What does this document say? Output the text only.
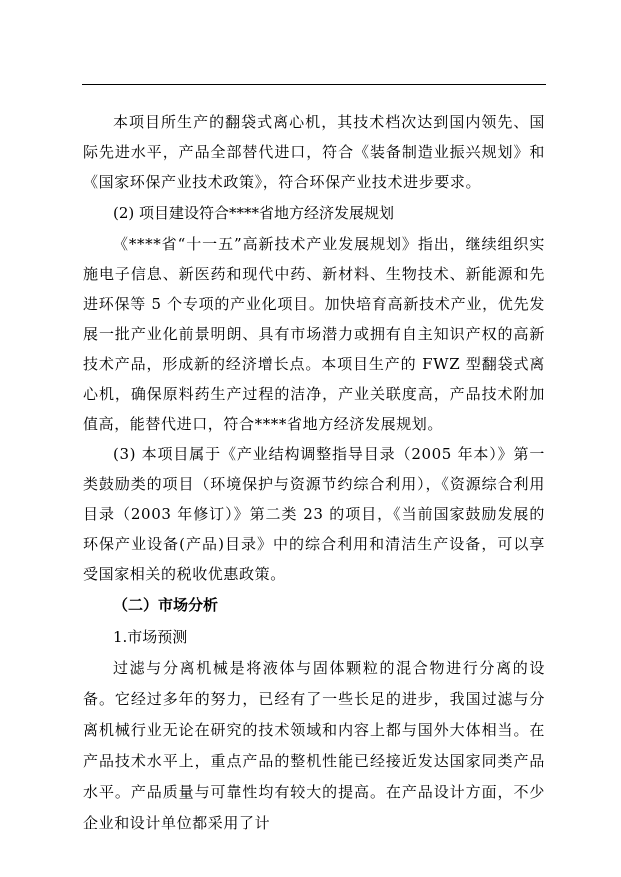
本项目所生产的翻袋式离心机，其技术档次达到国内领先、国际先进水平，产品全部替代进口，符合《装备制造业振兴规划》和《国家环保产业技术政策》，符合环保产业技术进步要求。

(2) 项目建设符合****省地方经济发展规划

《****省“十一五”高新技术产业发展规划》指出，继续组织实施电子信息、新医药和现代中药、新材料、生物技术、新能源和先进环保等 5 个专项的产业化项目。加快培育高新技术产业，优先发展一批产业化前景明朗、具有市场潜力或拥有自主知识产权的高新技术产品，形成新的经济增长点。本项目生产的 FWZ 型翻袋式离心机，确保原料药生产过程的洁净，产业关联度高，产品技术附加值高，能替代进口，符合****省地方经济发展规划。

(3) 本项目属于《产业结构调整指导目录（2005 年本）》第一类鼓励类的项目（环境保护与资源节约综合利用），《资源综合利用目录（2003 年修订）》第二类 23 的项目，《当前国家鼓励发展的环保产业设备(产品)目录》中的综合利用和清洁生产设备，可以享受国家相关的税收优惠政策。

（二）市场分析

1.市场预测

过滤与分离机械是将液体与固体颗粒的混合物进行分离的设备。它经过多年的努力，已经有了一些长足的进步，我国过滤与分离机械行业无论在研究的技术领域和内容上都与国外大体相当。在产品技术水平上，重点产品的整机性能已经接近发达国家同类产品水平。产品质量与可靠性均有较大的提高。在产品设计方面，不少企业和设计单位都采用了计
